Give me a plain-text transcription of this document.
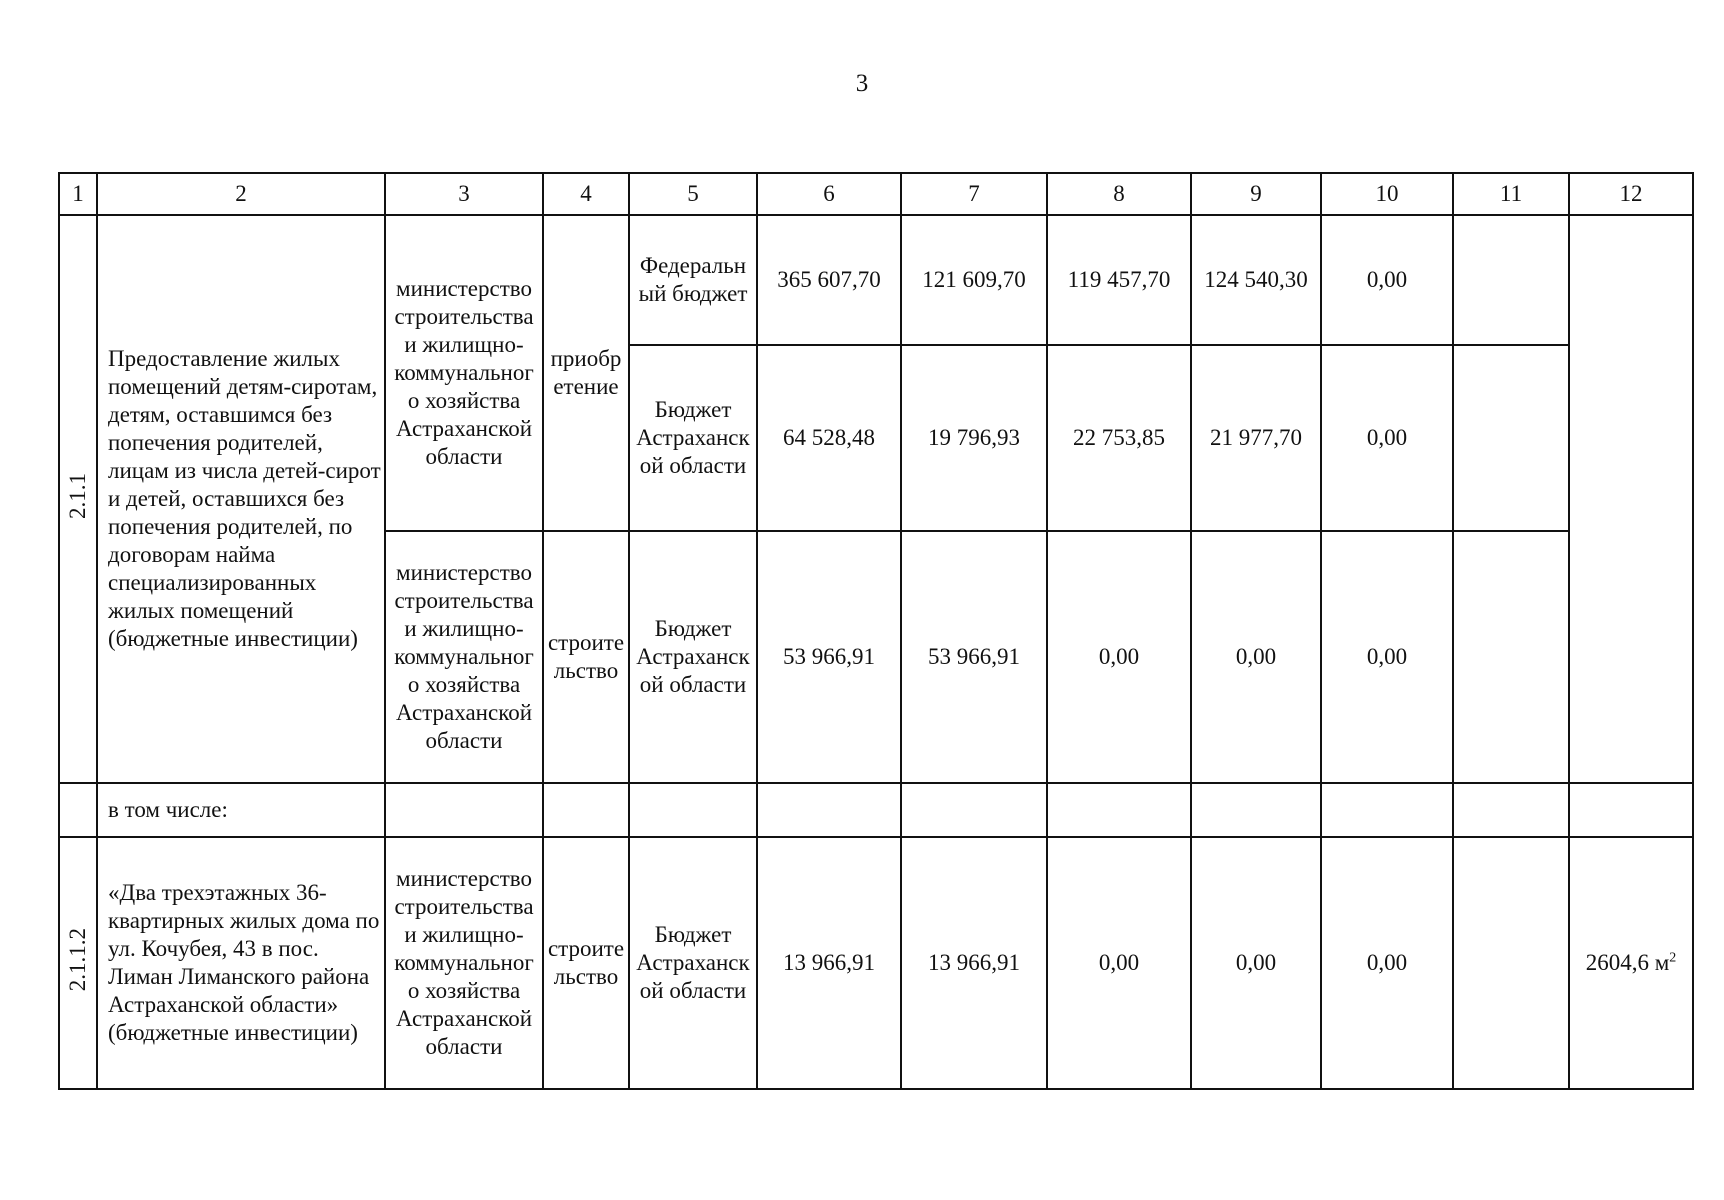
3
1	2	3	4	5	6	7	8	9	10	11	12
2.1.1	Предоставление жилых помещений детям-сиротам, детям, оставшимся без попечения родителей, лицам из числа детей-сирот и детей, оставшихся без попечения родителей, по договорам найма специализированных жилых помещений (бюджетные инвестиции)	министерство строительства и жилищно-коммунального хозяйства Астраханской области	приобретение	Федеральный бюджет	365 607,70	121 609,70	119 457,70	124 540,30	0,00		
				Бюджет Астраханской области	64 528,48	19 796,93	22 753,85	21 977,70	0,00		
		министерство строительства и жилищно-коммунального хозяйства Астраханской области	строительство	Бюджет Астраханской области	53 966,91	53 966,91	0,00	0,00	0,00		
	в том числе:										
2.1.1.2	«Два трехэтажных 36-квартирных жилых дома по ул. Кочубея, 43 в пос. Лиман Лиманского района Астраханской области» (бюджетные инвестиции)	министерство строительства и жилищно-коммунального хозяйства Астраханской области	строительство	Бюджет Астраханской области	13 966,91	13 966,91	0,00	0,00	0,00		2604,6 $м^2$
